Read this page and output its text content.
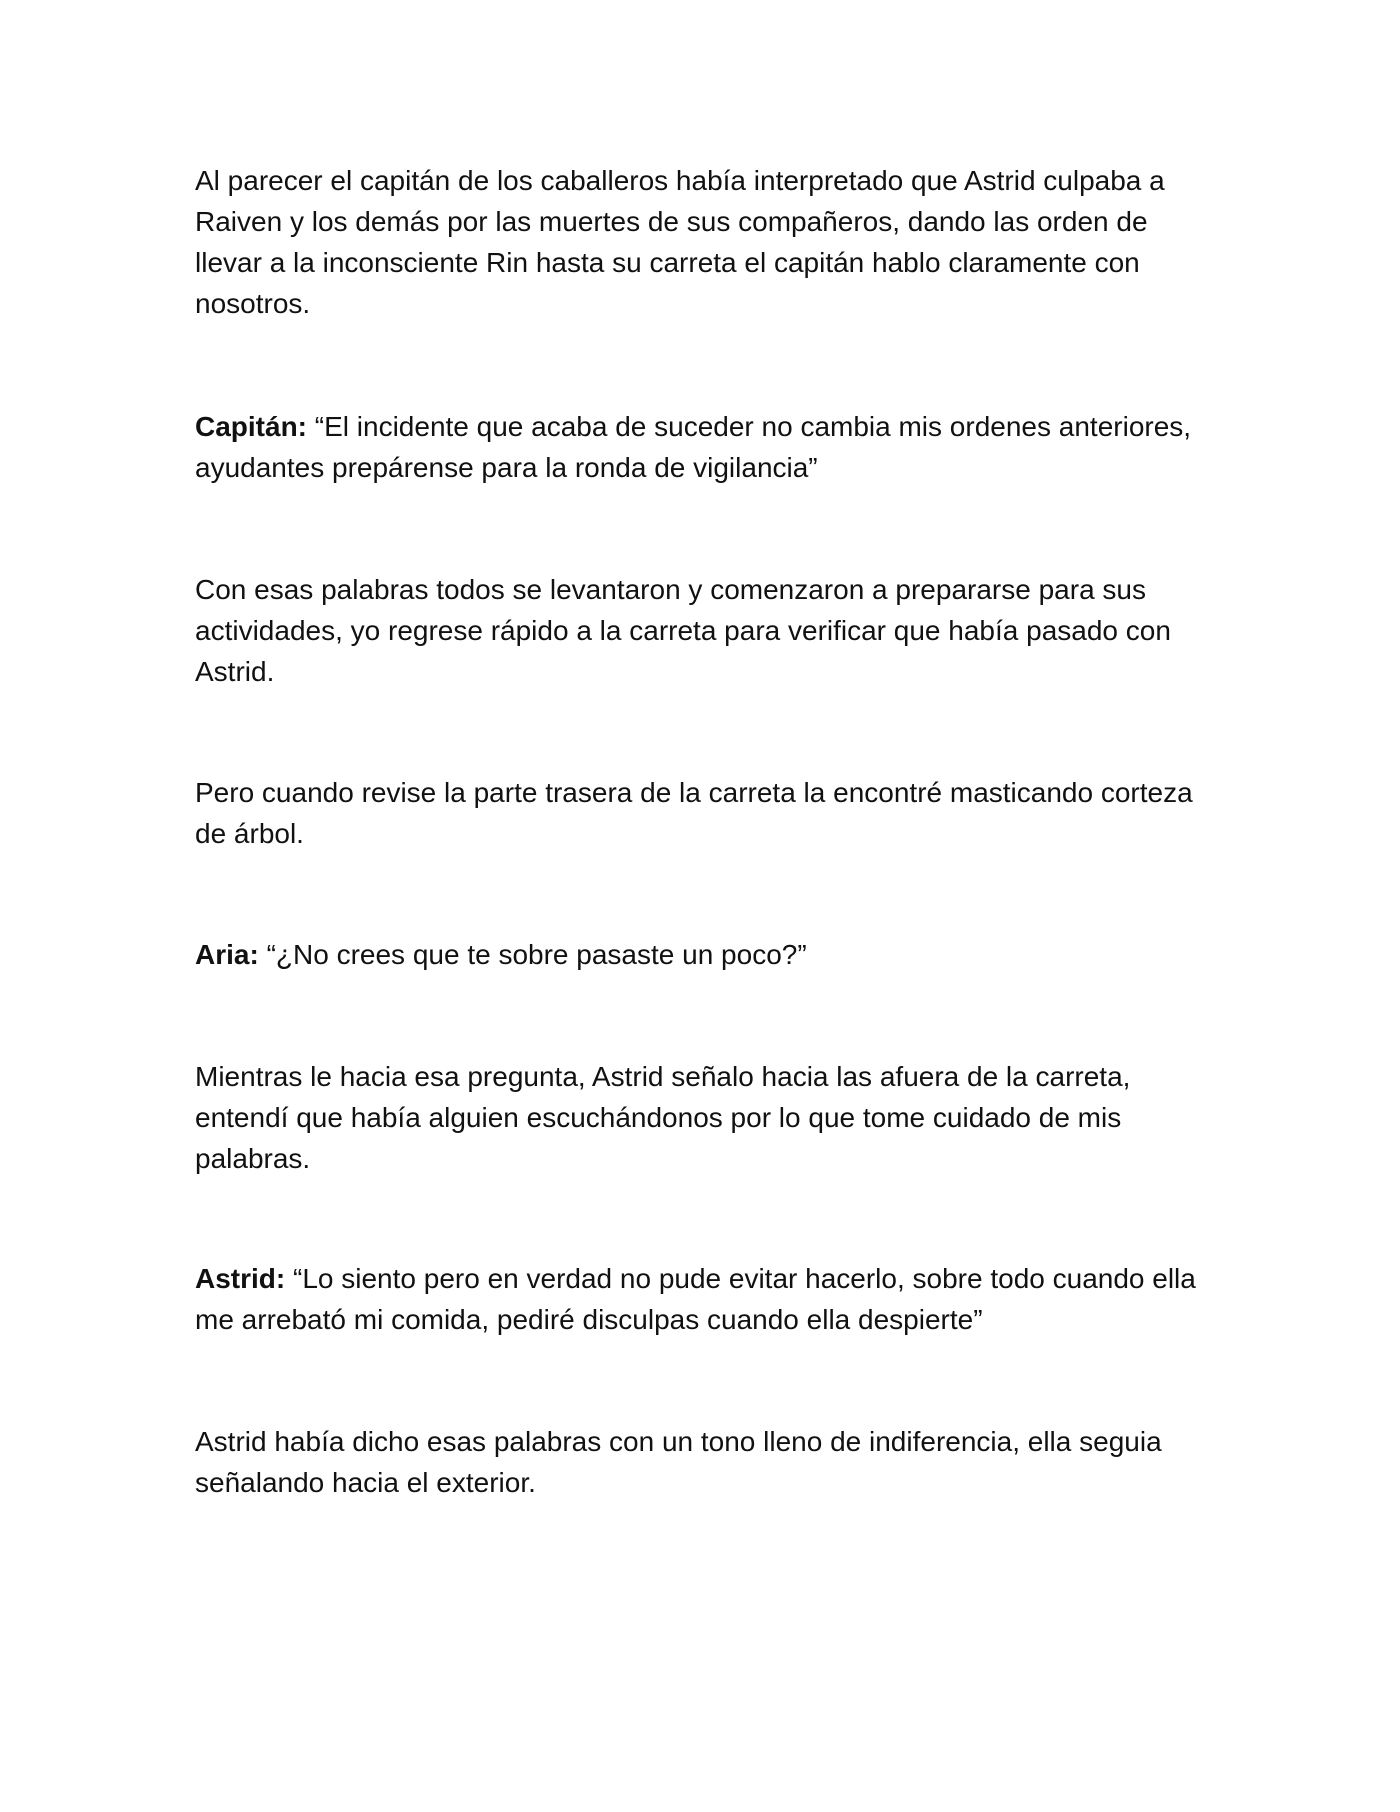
Al parecer el capitán de los caballeros había interpretado que Astrid culpaba a Raiven y los demás por las muertes de sus compañeros, dando las orden de llevar a la inconsciente Rin hasta su carreta el capitán hablo claramente con nosotros.

Capitán: “El incidente que acaba de suceder no cambia mis ordenes anteriores, ayudantes prepárense para la ronda de vigilancia”

Con esas palabras todos se levantaron y comenzaron a prepararse para sus actividades, yo regrese rápido a la carreta para verificar que había pasado con Astrid.

Pero cuando revise la parte trasera de la carreta la encontré masticando corteza de árbol.

Aria: “¿No crees que te sobre pasaste un poco?”

Mientras le hacia esa pregunta, Astrid señalo hacia las afuera de la carreta, entendí que había alguien escuchándonos por lo que tome cuidado de mis palabras.

Astrid: “Lo siento pero en verdad no pude evitar hacerlo, sobre todo cuando ella me arrebató mi comida, pediré disculpas cuando ella despierte”

Astrid había dicho esas palabras con un tono lleno de indiferencia, ella seguia señalando hacia el exterior.
